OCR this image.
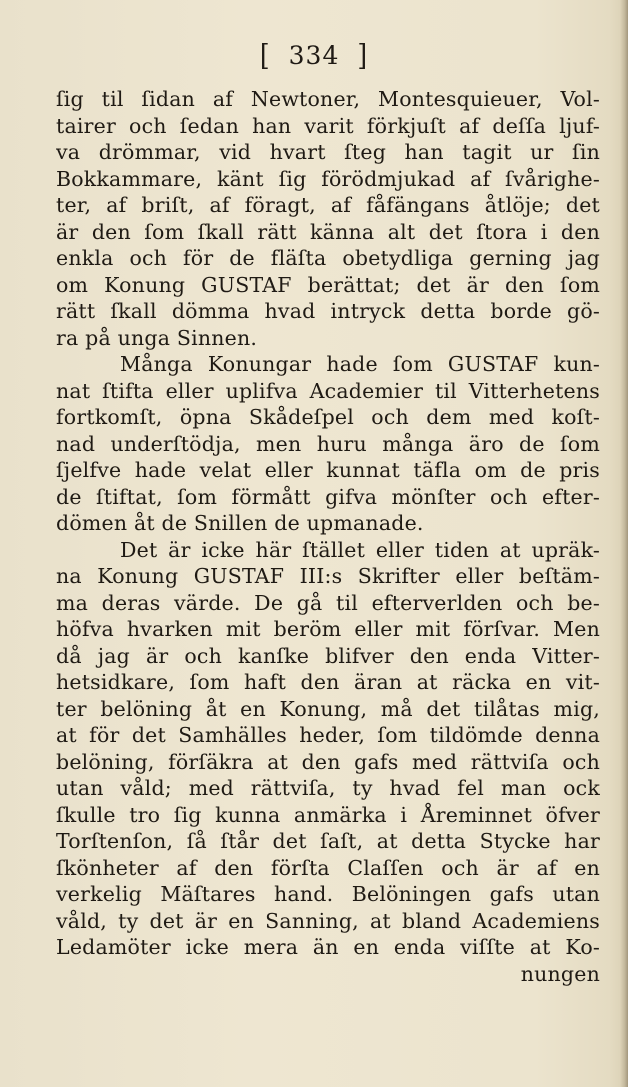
[ 334 ]
ſig til ſidan af Newtoner, Montesquieuer, Vol-
tairer och ſedan han varit förkjuſt af deſſa ljuf-
va drömmar, vid hvart ſteg han tagit ur ſin
Bokkammare, känt ſig förödmjukad af ſvårighe-
ter, af briſt, af föragt, af fåfängans åtlöje; det
är den ſom ſkall rätt känna alt det ſtora i den
enkla och för de fläſta obetydliga gerning jag
om Konung GUSTAF berättat; det är den ſom
rätt ſkall dömma hvad intryck detta borde gö-
ra på unga Sinnen.
Många Konungar hade ſom GUSTAF kun-
nat ſtifta eller uplifva Academier til Vitterhetens
fortkomſt, öpna Skådeſpel och dem med koſt-
nad underſtödja, men huru många äro de ſom
ſjelfve hade velat eller kunnat täfla om de pris
de ſtiftat, ſom förmått gifva mönſter och efter-
dömen åt de Snillen de upmanade.
Det är icke här ſtället eller tiden at upräk-
na Konung GUSTAF III:s Skrifter eller beſtäm-
ma deras värde. De gå til efterverlden och be-
höfva hvarken mit beröm eller mit förſvar. Men
då jag är och kanſke blifver den enda Vitter-
hetsidkare, ſom haft den äran at räcka en vit-
ter belöning åt en Konung, må det tilåtas mig,
at för det Samhälles heder, ſom tildömde denna
belöning, förſäkra at den gafs med rättviſa och
utan våld; med rättviſa, ty hvad fel man ock
ſkulle tro ſig kunna anmärka i Åreminnet öfver
Torſtenſon, ſå ſtår det ſaſt, at detta Stycke har
ſkönheter af den förſta Claſſen och är af en
verkelig Mäſtares hand. Belöningen gafs utan
våld, ty det är en Sanning, at bland Academiens
Ledamöter icke mera än en enda viſſte at Ko-
nungen
